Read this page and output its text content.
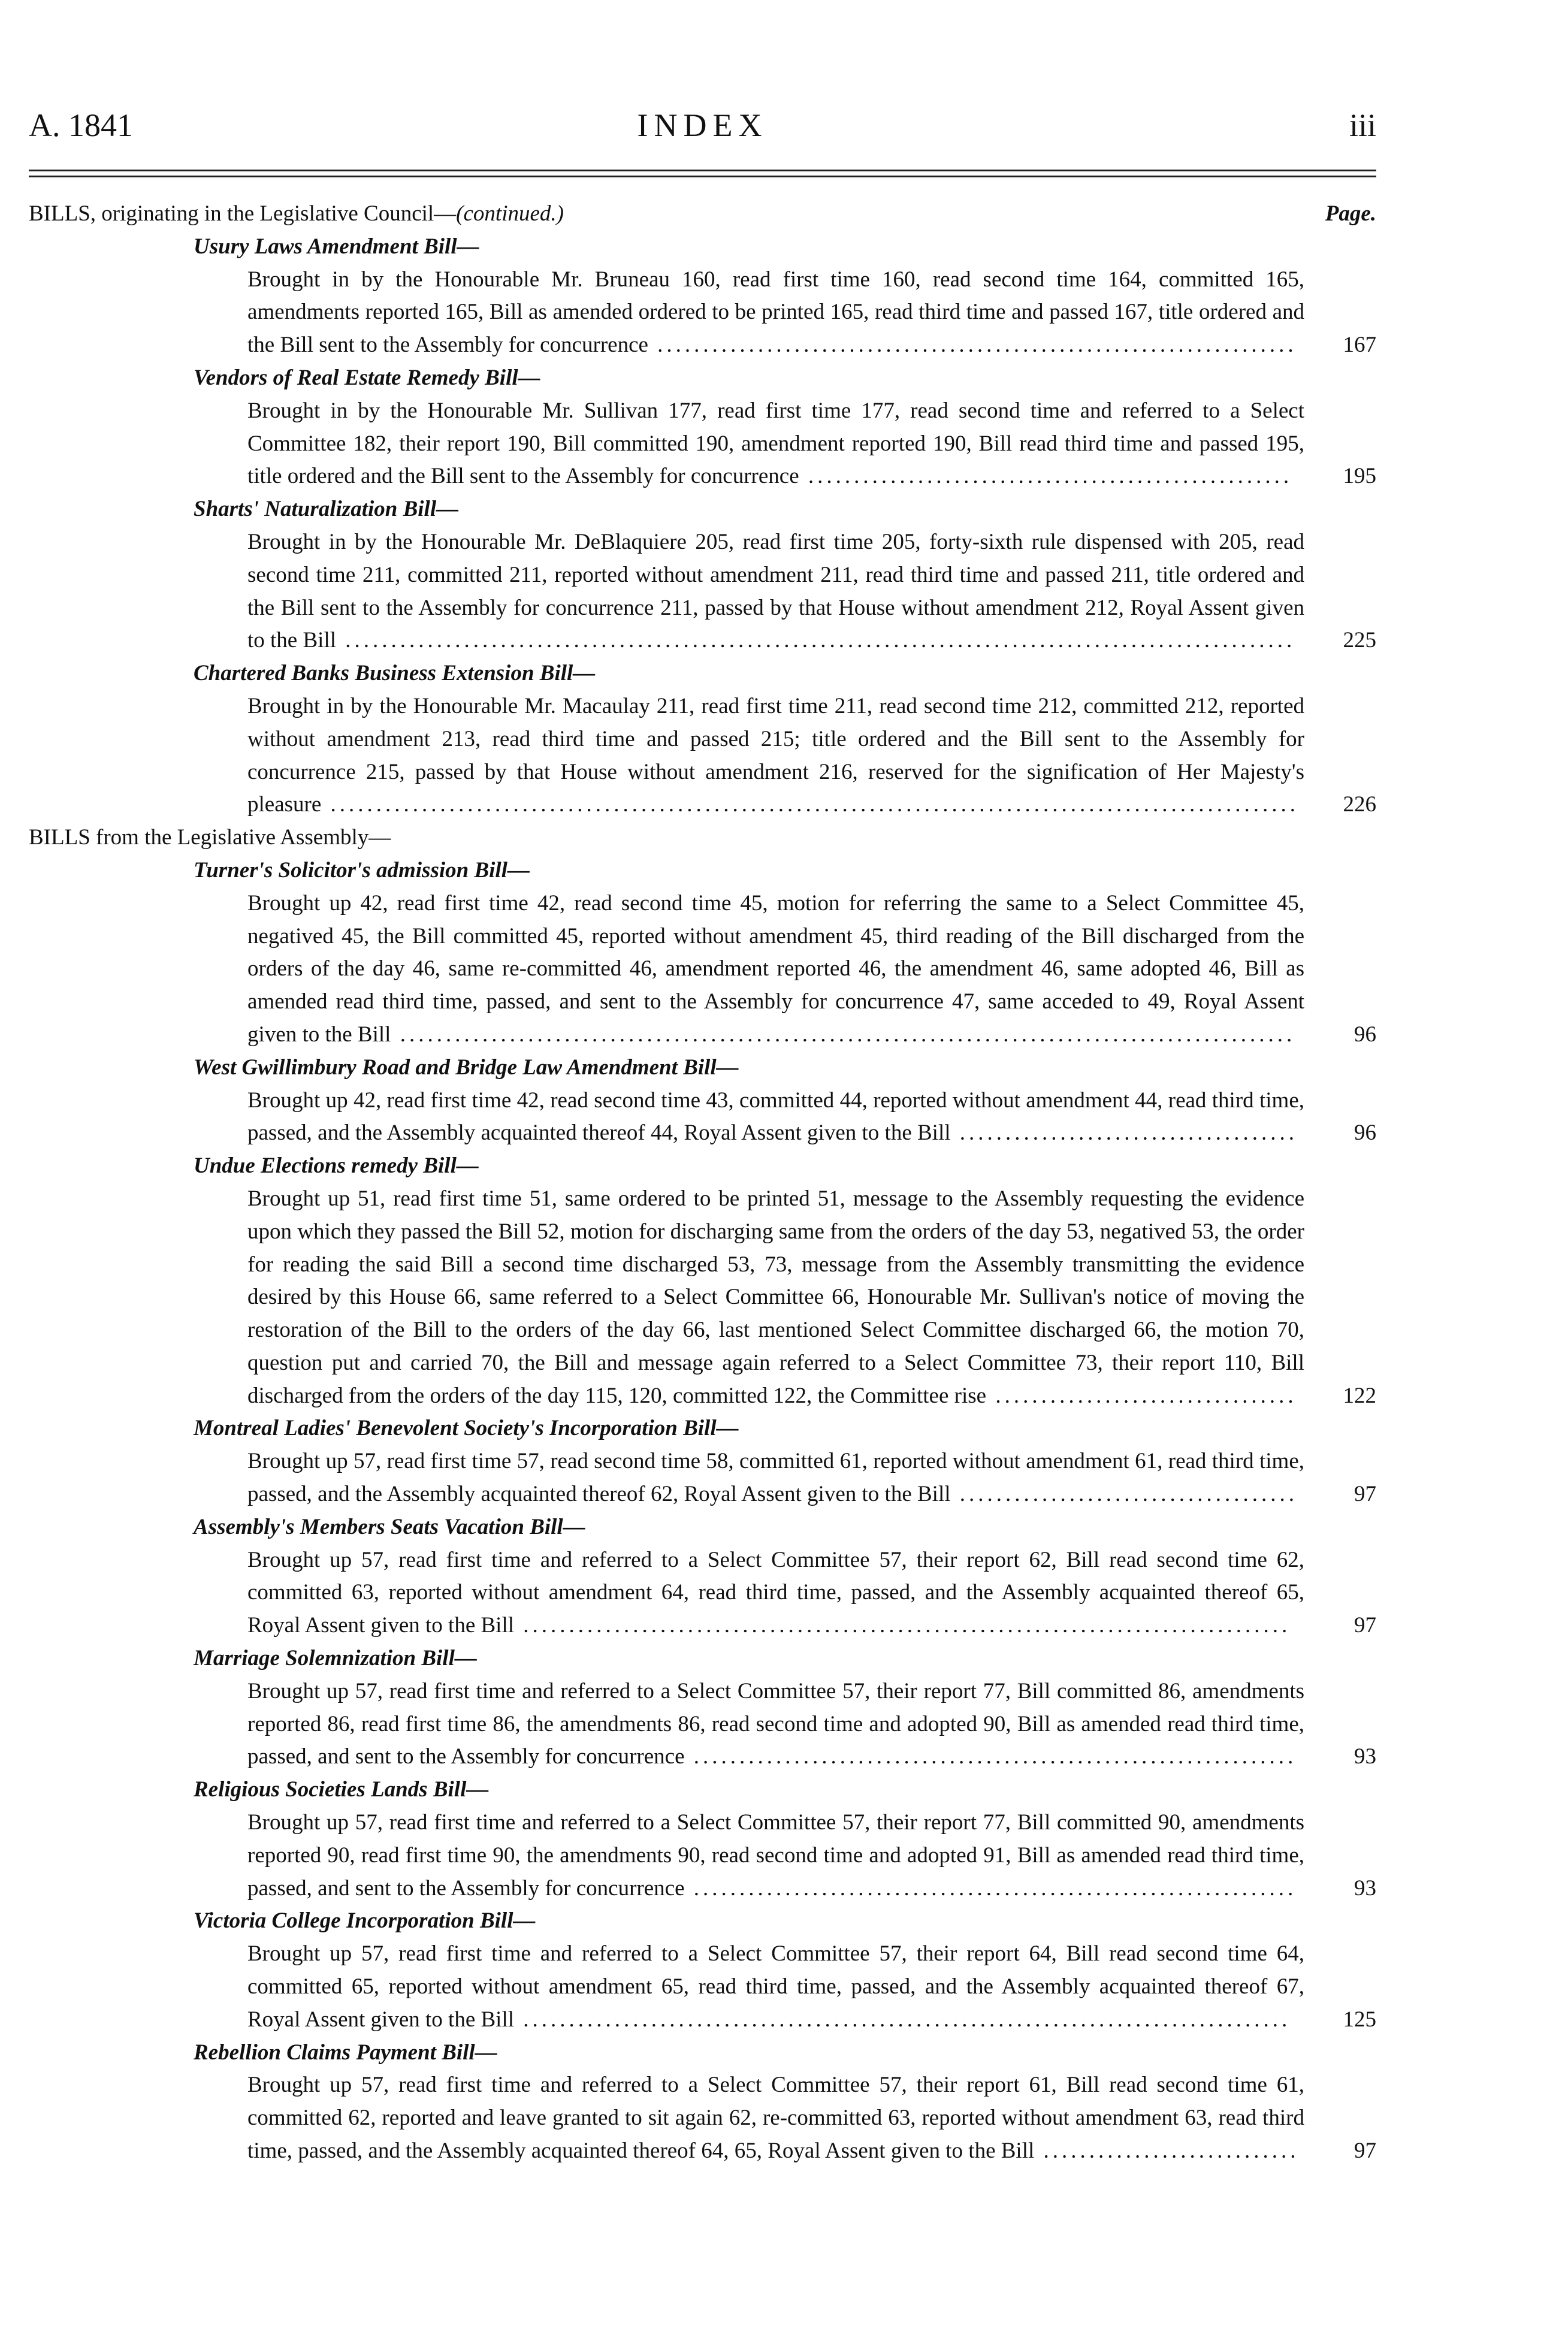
A. 1841	INDEX	iii
BILLS, originating in the Legislative Council—(continued.)	Page.
Usury Laws Amendment Bill—
Brought in by the Honourable Mr. Bruneau 160, read first time 160, read second time 164, committed 165, amendments reported 165, Bill as amended ordered to be printed 165, read third time and passed 167, title ordered and the Bill sent to the Assembly for concurrence ...................................................................... 167
Vendors of Real Estate Remedy Bill—
Brought in by the Honourable Mr. Sullivan 177, read first time 177, read second time and referred to a Select Committee 182, their report 190, Bill committed 190, amendment reported 190, Bill read third time and passed 195, title ordered and the Bill sent to the Assembly for concurrence ..................................................... 195
Sharts' Naturalization Bill—
Brought in by the Honourable Mr. DeBlaquiere 205, read first time 205, forty-sixth rule dispensed with 205, read second time 211, committed 211, reported without amendment 211, read third time and passed 211, title ordered and the Bill sent to the Assembly for concurrence 211, passed by that House without amendment 212, Royal Assent given to the Bill ........................................................................................................ 225
Chartered Banks Business Extension Bill—
Brought in by the Honourable Mr. Macaulay 211, read first time 211, read second time 212, committed 212, reported without amendment 213, read third time and passed 215; title ordered and the Bill sent to the Assembly for concurrence 215, passed by that House without amendment 216, reserved for the signification of Her Majesty's pleasure .......................................................................................................... 226
BILLS from the Legislative Assembly—
Turner's Solicitor's admission Bill—
Brought up 42, read first time 42, read second time 45, motion for referring the same to a Select Committee 45, negatived 45, the Bill committed 45, reported without amendment 45, third reading of the Bill discharged from the orders of the day 46, same re-committed 46, amendment reported 46, the amendment 46, same adopted 46, Bill as amended read third time, passed, and sent to the Assembly for concurrence 47, same acceded to 49, Royal Assent given to the Bill ..................................................................................................	96
West Gwillimbury Road and Bridge Law Amendment Bill—
Brought up 42, read first time 42, read second time 43, committed 44, reported without amendment 44, read third time, passed, and the Assembly acquainted thereof 44, Royal Assent given to the Bill .....................................	96
Undue Elections remedy Bill—
Brought up 51, read first time 51, same ordered to be printed 51, message to the Assembly requesting the evidence upon which they passed the Bill 52, motion for discharging same from the orders of the day 53, negatived 53, the order for reading the said Bill a second time discharged 53, 73, message from the Assembly transmitting the evidence desired by this House 66, same referred to a Select Committee 66, Honourable Mr. Sullivan's notice of moving the restoration of the Bill to the orders of the day 66, last mentioned Select Committee discharged 66, the motion 70, question put and carried 70, the Bill and message again referred to a Select Committee 73, their report 110, Bill discharged from the orders of the day 115, 120, committed 122, the Committee rise ................................. 122
Montreal Ladies' Benevolent Society's Incorporation Bill—
Brought up 57, read first time 57, read second time 58, committed 61, reported without amendment 61, read third time, passed, and the Assembly acquainted thereof 62, Royal Assent given to the Bill .....................................	97
Assembly's Members Seats Vacation Bill—
Brought up 57, read first time and referred to a Select Committee 57, their report 62, Bill read second time 62, committed 63, reported without amendment 64, read third time, passed, and the Assembly acquainted thereof 65, Royal Assent given to the Bill ....................................................................................	97
Marriage Solemnization Bill—
Brought up 57, read first time and referred to a Select Committee 57, their report 77, Bill committed 86, amendments reported 86, read first time 86, the amendments 86, read second time and adopted 90, Bill as amended read third time, passed, and sent to the Assembly for concurrence ..................................................................	93
Religious Societies Lands Bill—
Brought up 57, read first time and referred to a Select Committee 57, their report 77, Bill committed 90, amendments reported 90, read first time 90, the amendments 90, read second time and adopted 91, Bill as amended read third time, passed, and sent to the Assembly for concurrence ..................................................................	93
Victoria College Incorporation Bill—
Brought up 57, read first time and referred to a Select Committee 57, their report 64, Bill read second time 64, committed 65, reported without amendment 65, read third time, passed, and the Assembly acquainted thereof 67, Royal Assent given to the Bill .................................................................................... 125
Rebellion Claims Payment Bill—
Brought up 57, read first time and referred to a Select Committee 57, their report 61, Bill read second time 61, committed 62, reported and leave granted to sit again 62, re-committed 63, reported without amendment 63, read third time, passed, and the Assembly acquainted thereof 64, 65, Royal Assent given to the Bill ............................ 97
